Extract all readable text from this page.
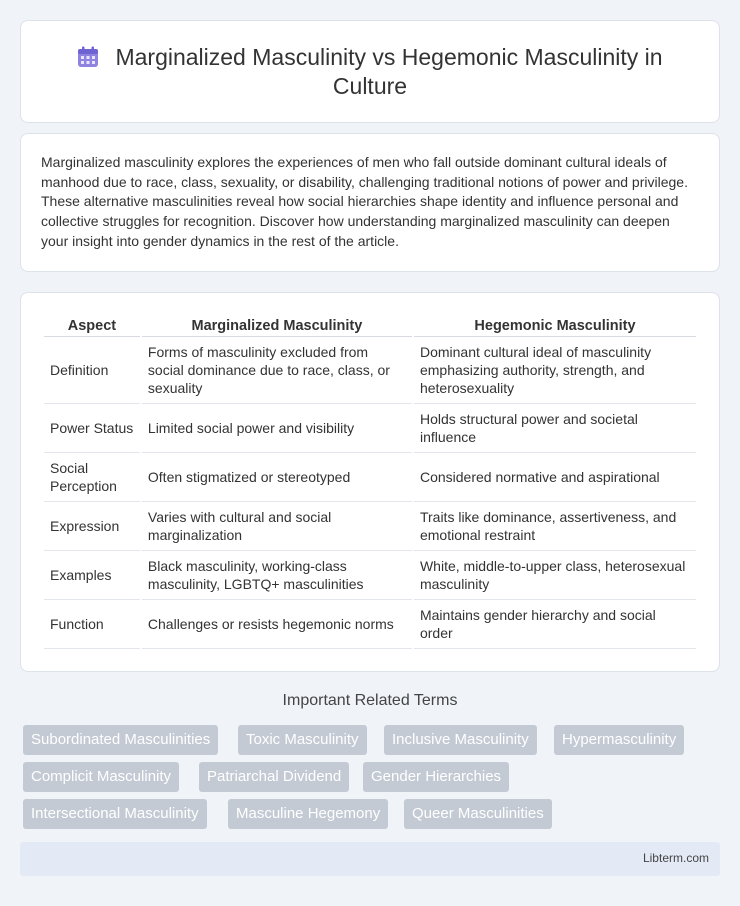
Marginalized Masculinity vs Hegemonic Masculinity in Culture

Marginalized masculinity explores the experiences of men who fall outside dominant cultural ideals of manhood due to race, class, sexuality, or disability, challenging traditional notions of power and privilege. These alternative masculinities reveal how social hierarchies shape identity and influence personal and collective struggles for recognition. Discover how understanding marginalized masculinity can deepen your insight into gender dynamics in the rest of the article.

Aspect	Marginalized Masculinity	Hegemonic Masculinity
Definition	Forms of masculinity excluded from social dominance due to race, class, or sexuality	Dominant cultural ideal of masculinity emphasizing authority, strength, and heterosexuality
Power Status	Limited social power and visibility	Holds structural power and societal influence
Social Perception	Often stigmatized or stereotyped	Considered normative and aspirational
Expression	Varies with cultural and social marginalization	Traits like dominance, assertiveness, and emotional restraint
Examples	Black masculinity, working-class masculinity, LGBTQ+ masculinities	White, middle-to-upper class, heterosexual masculinity
Function	Challenges or resists hegemonic norms	Maintains gender hierarchy and social order
Important Related Terms
Subordinated Masculinities	Toxic Masculinity	Inclusive Masculinity	Hypermasculinity
Complicit Masculinity	Patriarchal Dividend	Gender Hierarchies
Intersectional Masculinity	Masculine Hegemony	Queer Masculinities
Libterm.com
